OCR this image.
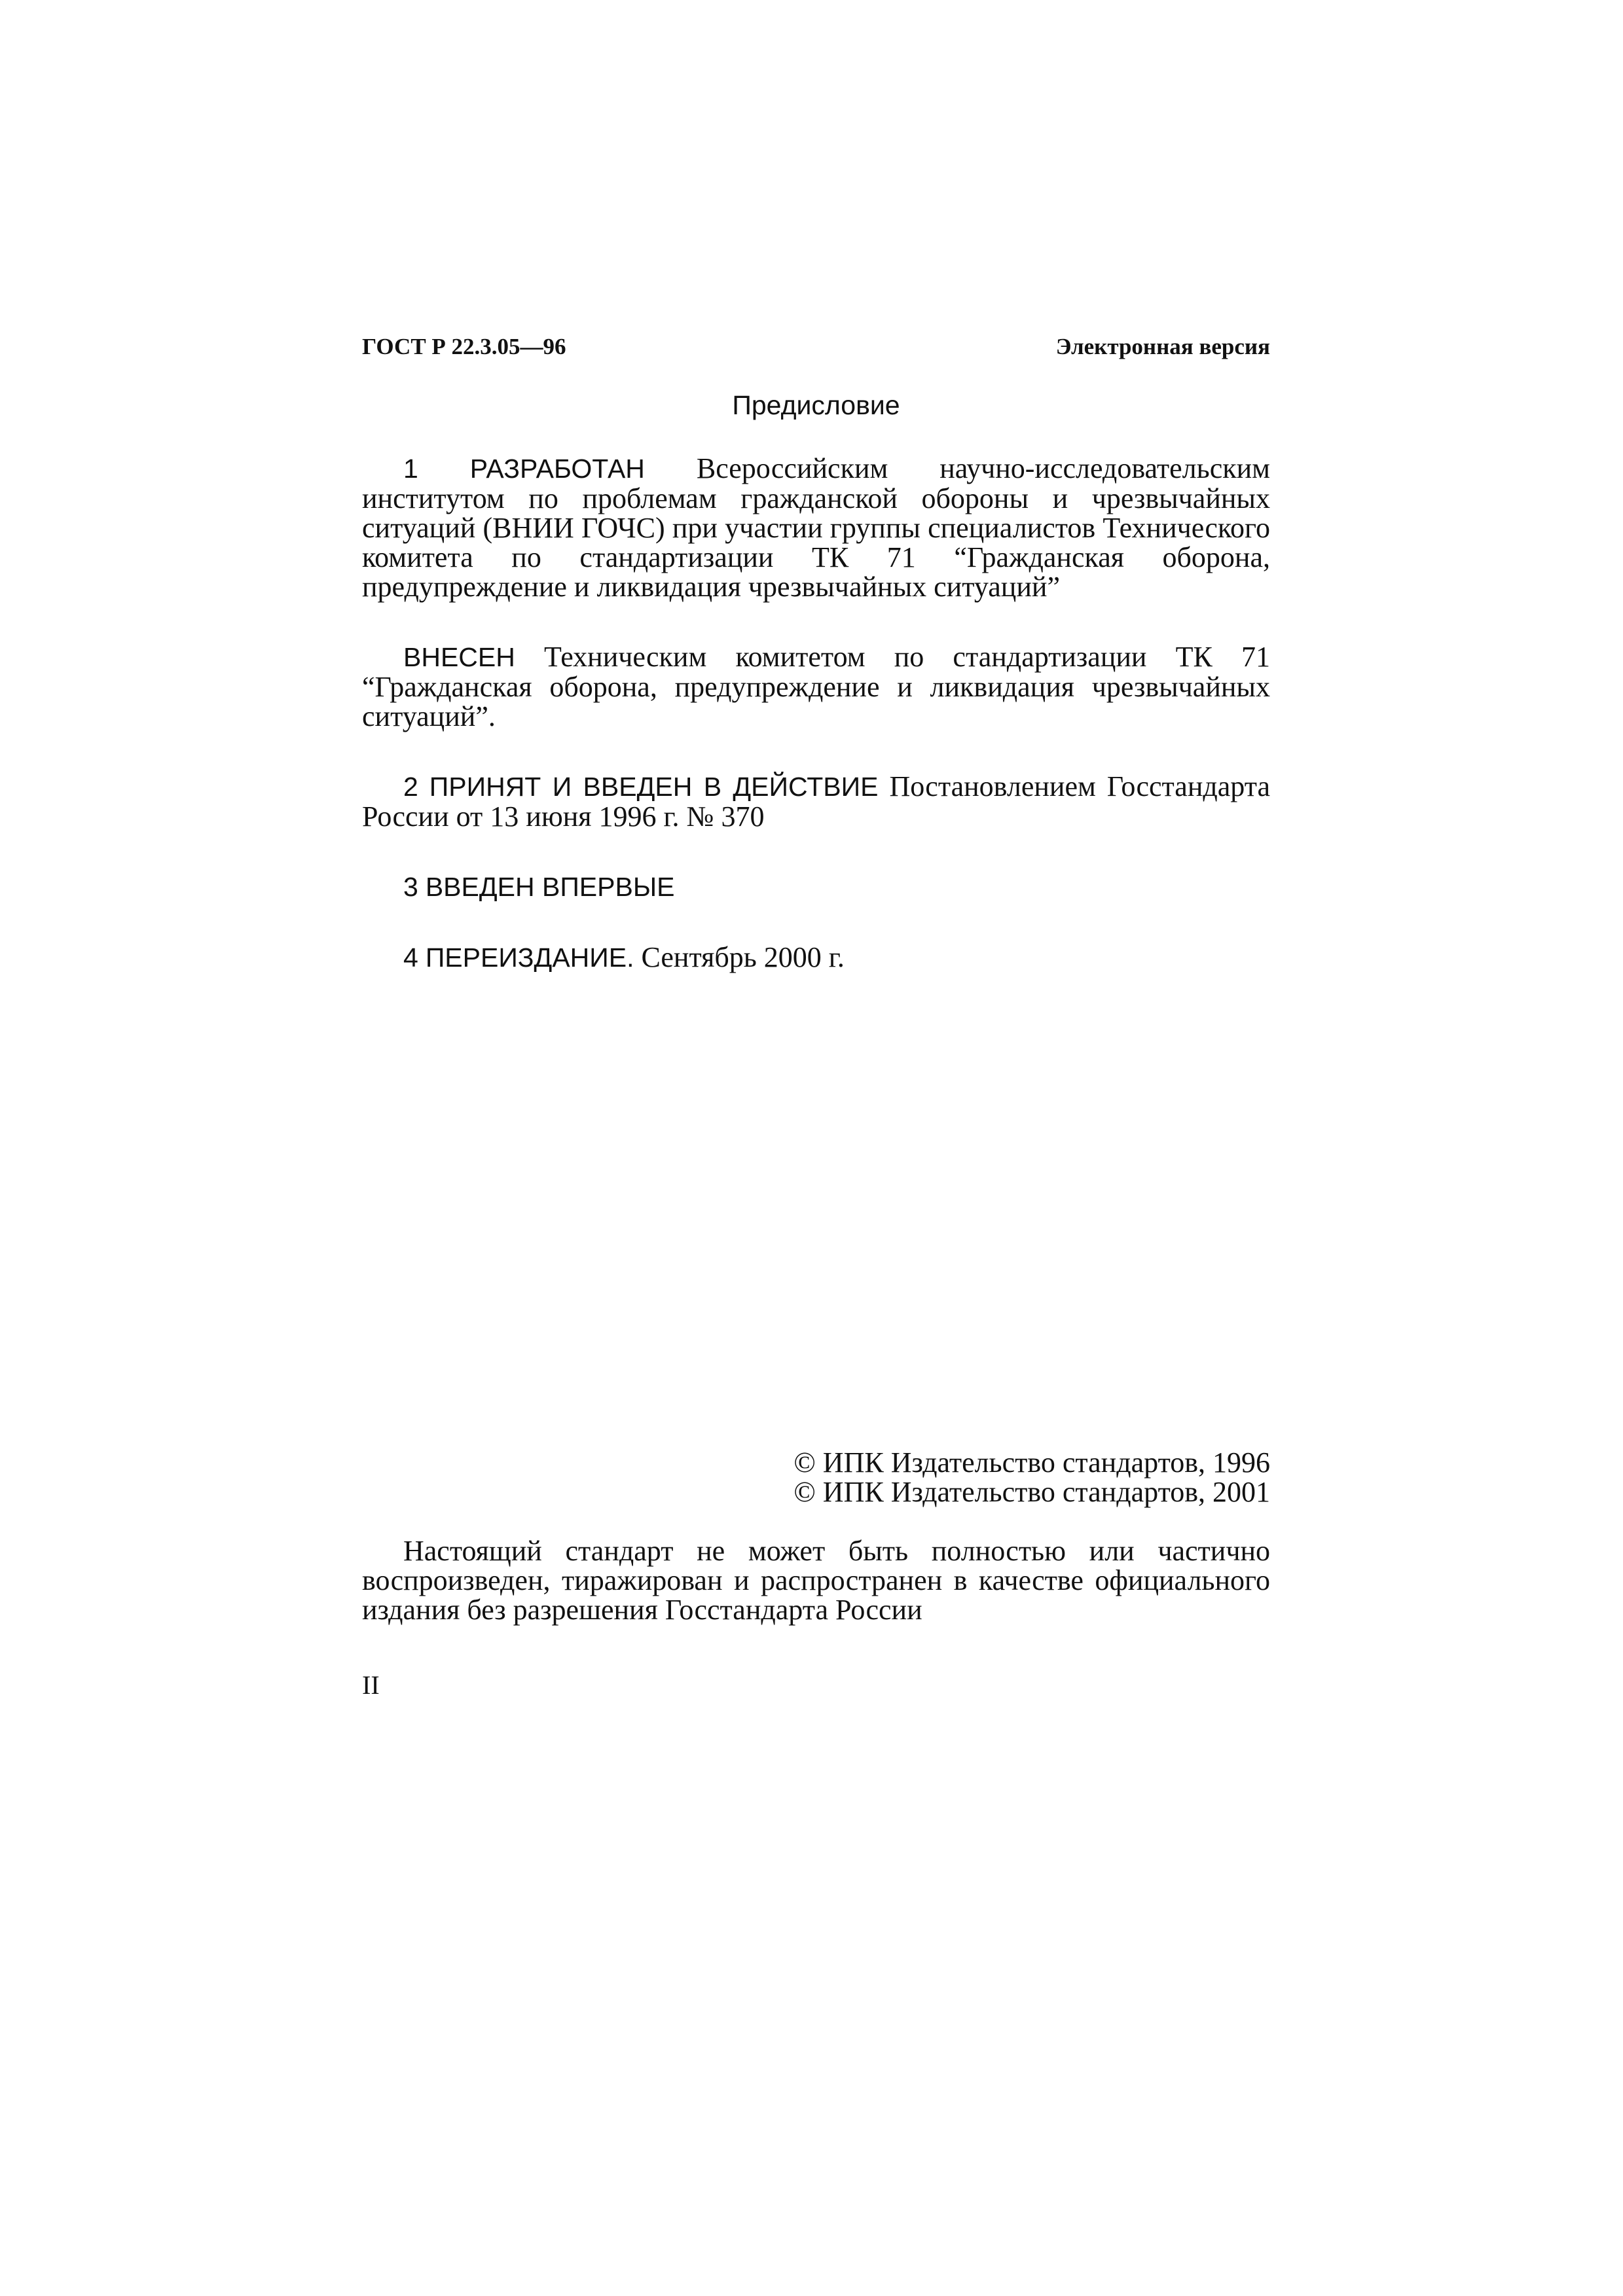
ГОСТ Р 22.3.05—96	Электронная версия
Предисловие

1 РАЗРАБОТАН Всероссийским научно-исследовательским институтом по проблемам гражданской обороны и чрезвычайных ситуаций (ВНИИ ГОЧС) при участии группы специалистов Технического комитета по стандартизации ТК 71 “Гражданская оборона, предупреждение и ликвидация чрезвычайных ситуаций”

ВНЕСЕН Техническим комитетом по стандартизации ТК 71 “Гражданская оборона, предупреждение и ликвидация чрезвычайных ситуаций”.

2 ПРИНЯТ И ВВЕДЕН В ДЕЙСТВИЕ Постановлением Госстандарта России от 13 июня 1996 г. № 370

3 ВВЕДЕН ВПЕРВЫЕ

4 ПЕРЕИЗДАНИЕ. Сентябрь 2000 г.

© ИПК Издательство стандартов, 1996
© ИПК Издательство стандартов, 2001

Настоящий стандарт не может быть полностью или частично воспроизведен, тиражирован и распространен в качестве официального издания без разрешения Госстандарта России

II
